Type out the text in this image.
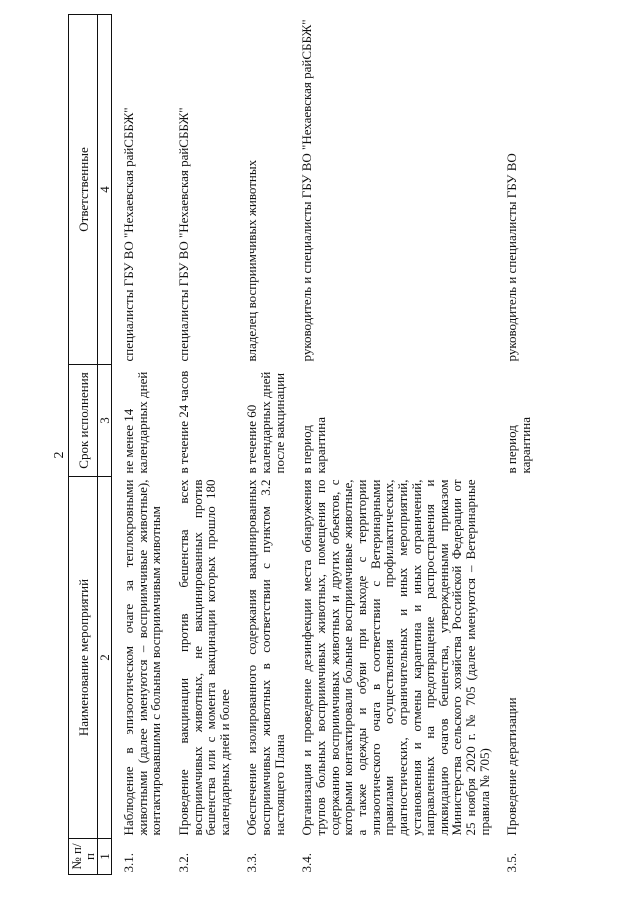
2
№ п/п	Наименование мероприятий	Срок исполнения	Ответственные
1	2	3	4
3.1.	Наблюдение в эпизоотическом очаге за теплокровными животными (далее именуются – восприимчивые животные), контактировавшими с больным восприимчивым животным	не менее 14 календарных дней	специалисты ГБУ ВО "Нехаевская райСББЖ"
3.2.	Проведение вакцинации против бешенства всех восприимчивых животных, не вакцинированных против бешенства или с момента вакцинации которых прошло 180 календарных дней и более	в течение 24 часов	специалисты ГБУ ВО "Нехаевская райСББЖ"
3.3.	Обеспечение изолированного содержания вакцинированных восприимчивых животных в соответствии с пунктом 3.2 настоящего Плана	в течение 60 календарных дней после вакцинации	владелец восприимчивых животных
3.4.	Организация и проведение дезинфекции места обнаружения трупов больных восприимчивых животных, помещения по содержанию восприимчивых животных и других объектов, с которыми контактировали больные восприимчивые животные, а также одежды и обуви при выходе с территории эпизоотического очага в соответствии с Ветеринарными правилами осуществления профилактических, диагностических, ограничительных и иных мероприятий, установления и отмены карантина и иных ограничений, направленных на предотвращение распространения и ликвидацию очагов бешенства, утвержденными приказом Министерства сельского хозяйства Российской Федерации от 25 ноября 2020 г. № 705 (далее именуются – Ветеринарные правила № 705)	в период карантина	руководитель и специалисты ГБУ ВО "Нехаевская райСББЖ"
3.5.	Проведение дератизации	в период карантина	руководитель и специалисты ГБУ ВО
